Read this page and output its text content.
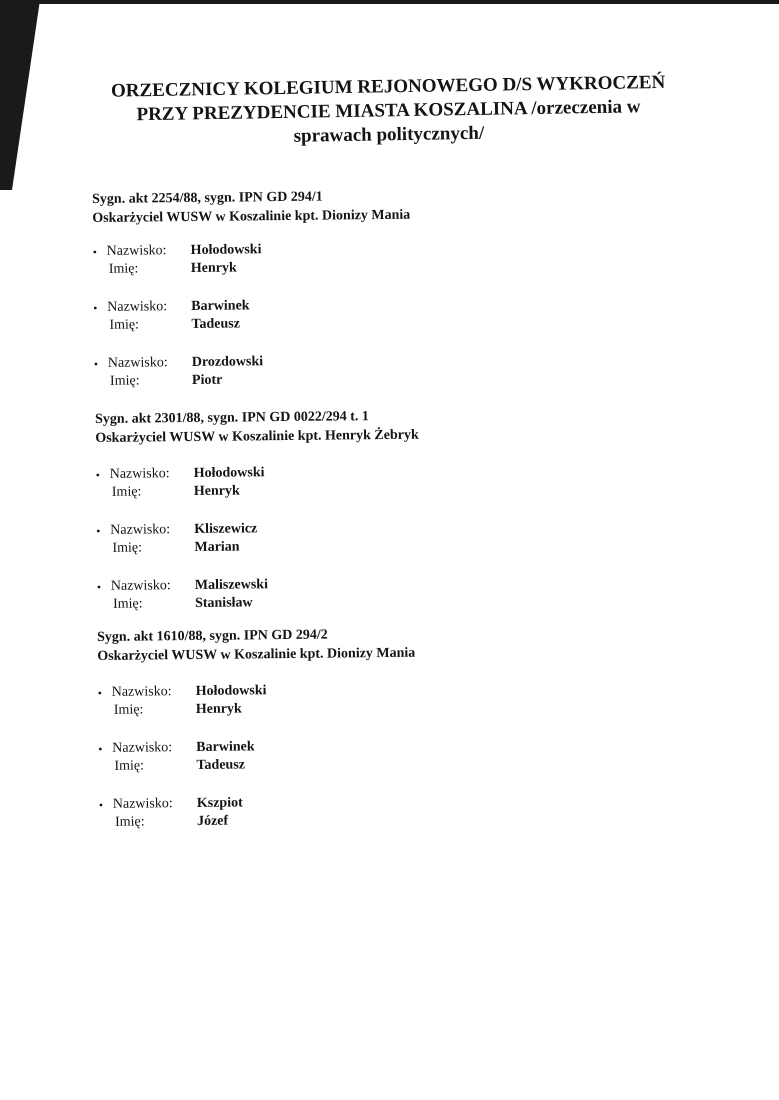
ORZECZNICY KOLEGIUM REJONOWEGO D/S WYKROCZEŃ
PRZY PREZYDENCIE MIASTA KOSZALINA /orzeczenia w
sprawach politycznych/
Sygn. akt 2254/88, sygn. IPN GD 294/1
Oskarżyciel WUSW w Koszalinie kpt. Dionizy Mania
• Nazwisko: Hołodowski
Imię:	Henryk
• Nazwisko: Barwinek
Imię:	Tadeusz
• Nazwisko: Drozdowski
Imię:	Piotr
Sygn. akt 2301/88, sygn. IPN GD 0022/294 t. 1
Oskarżyciel WUSW w Koszalinie kpt. Henryk Żebryk
• Nazwisko: Hołodowski
Imię:	Henryk
• Nazwisko: Kliszewicz
Imię:	Marian
• Nazwisko: Maliszewski
Imię:	Stanisław
Sygn. akt 1610/88, sygn. IPN GD 294/2
Oskarżyciel WUSW w Koszalinie kpt. Dionizy Mania
• Nazwisko: Hołodowski
Imię:	Henryk
• Nazwisko: Barwinek
Imię:	Tadeusz
• Nazwisko: Kszpiot
Imię:	Józef
